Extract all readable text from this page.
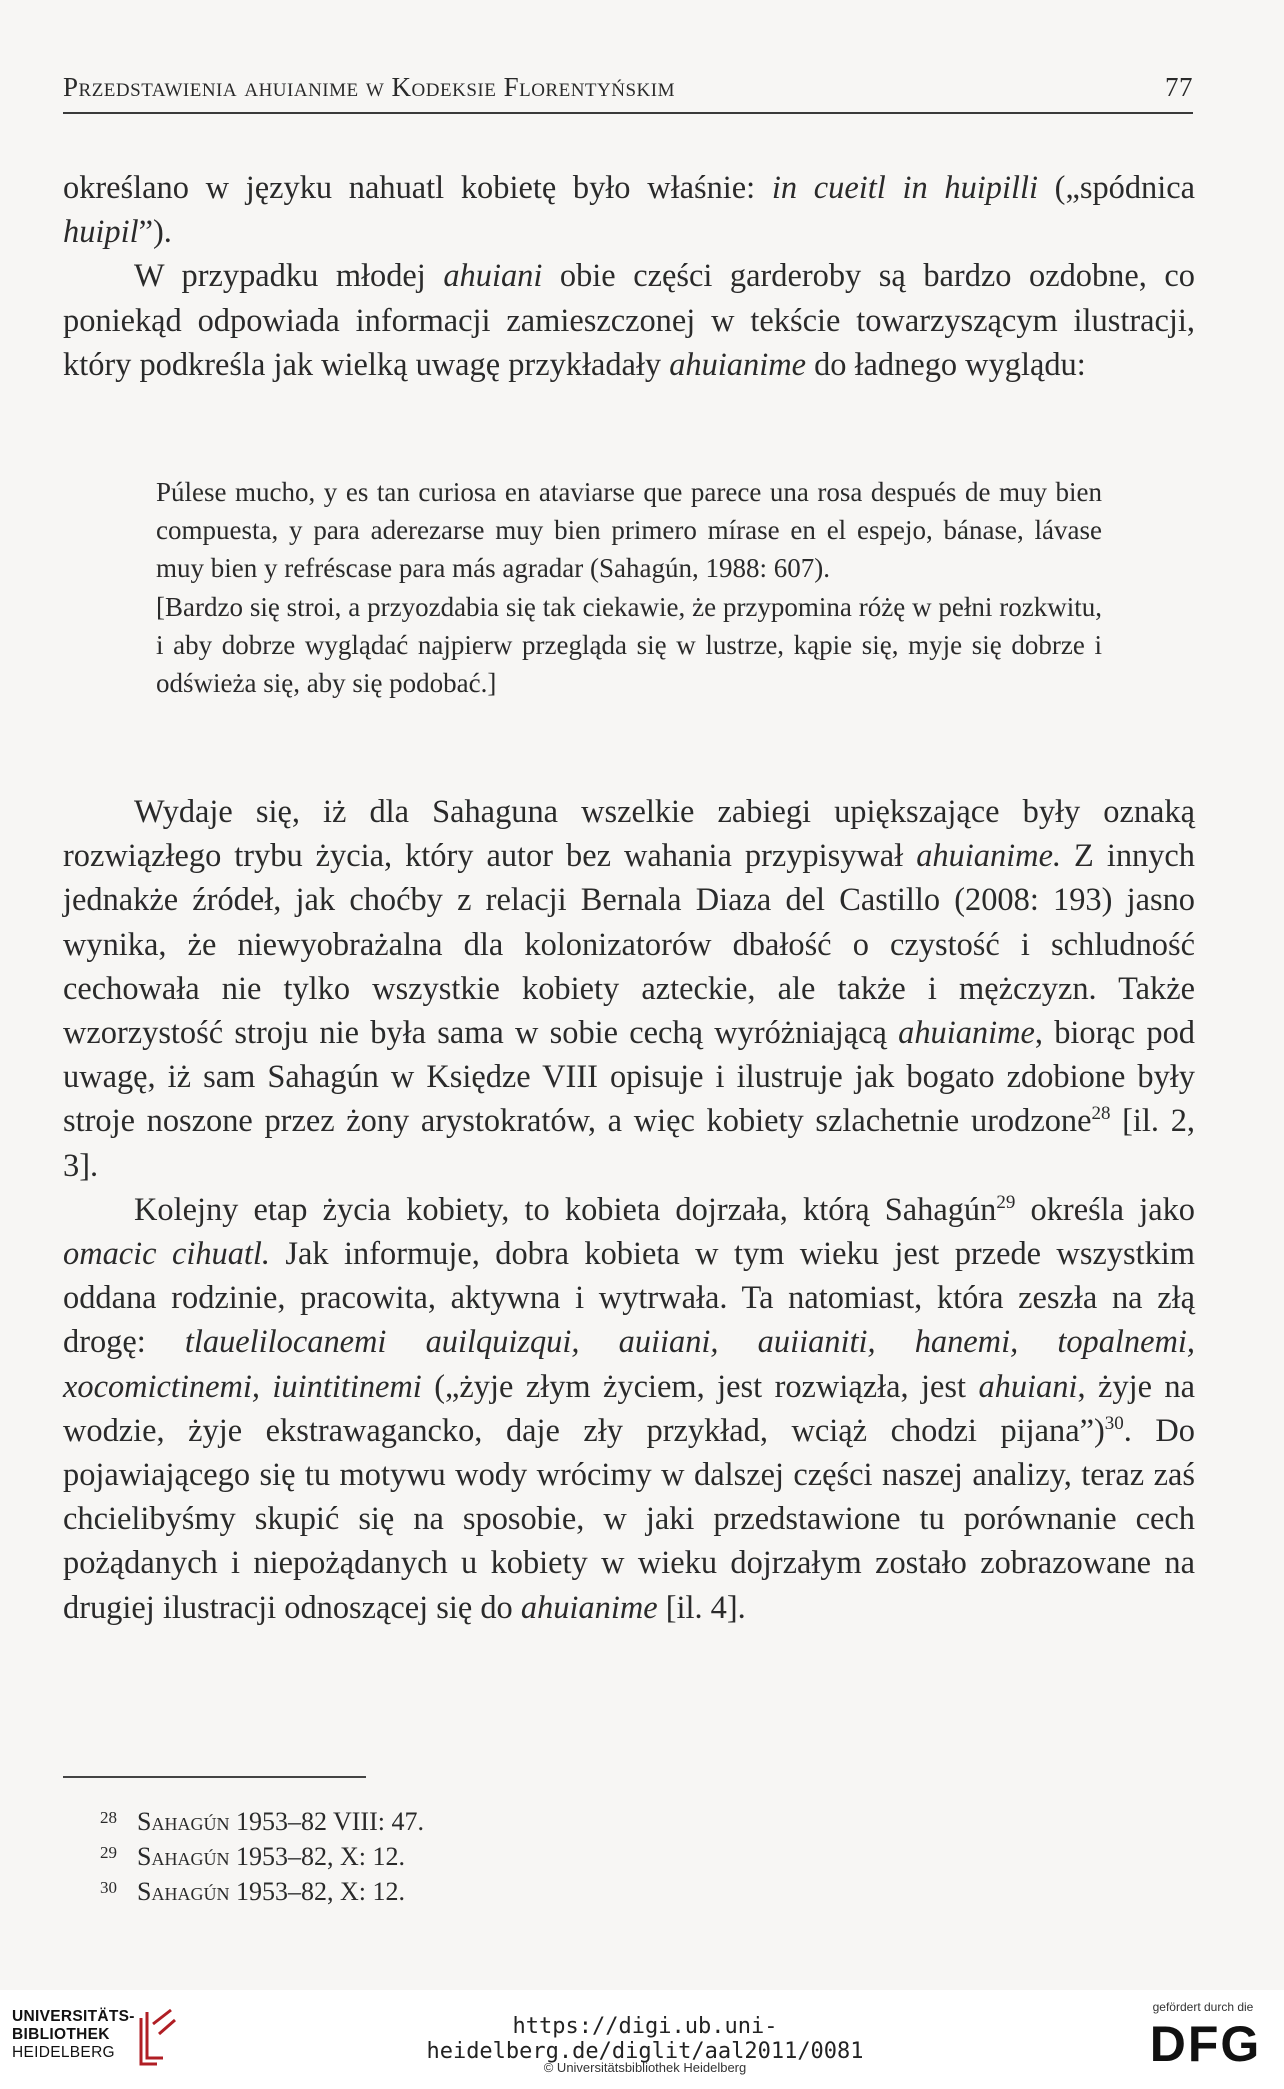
Przedstawienia ahuianime w Kodeksie Florentyńskim	77

określano w języku nahuatl kobietę było właśnie: in cueitl in huipilli („spódnica huipil”).

W przypadku młodej ahuiani obie części garderoby są bardzo ozdobne, co poniekąd odpowiada informacji zamieszczonej w tekście towarzyszącym ilustracji, który podkreśla jak wielką uwagę przykładały ahuianime do ładnego wyglądu:

Púlese mucho, y es tan curiosa en ataviarse que parece una rosa después de muy bien compuesta, y para aderezarse muy bien primero mírase en el espejo, bánase, lávase muy bien y refréscase para más agradar (Sahagún, 1988: 607).

[Bardzo się stroi, a przyozdabia się tak ciekawie, że przypomina różę w pełni rozkwitu, i aby dobrze wyglądać najpierw przegląda się w lustrze, kąpie się, myje się dobrze i odświeża się, aby się podobać.]

Wydaje się, iż dla Sahaguna wszelkie zabiegi upiększające były oznaką rozwiązłego trybu życia, który autor bez wahania przypisywał ahuianime. Z innych jednakże źródeł, jak choćby z relacji Bernala Diaza del Castillo (2008: 193) jasno wynika, że niewyobrażalna dla kolonizatorów dbałość o czystość i schludność cechowała nie tylko wszystkie kobiety azteckie, ale także i mężczyzn. Także wzorzystość stroju nie była sama w sobie cechą wyróżniającą ahuianime, biorąc pod uwagę, iż sam Sahagún w Księdze VIII opisuje i ilustruje jak bogato zdobione były stroje noszone przez żony arystokratów, a więc kobiety szlachetnie urodzone$^{28}$ [il. 2, 3].

Kolejny etap życia kobiety, to kobieta dojrzała, którą Sahagún$^{29}$ określa jako omacic cihuatl. Jak informuje, dobra kobieta w tym wieku jest przede wszystkim oddana rodzinie, pracowita, aktywna i wytrwała. Ta natomiast, która zeszła na złą drogę: tlauelilocanemi auilquizqui, auiiani, auiianiti, hanemi, topalnemi, xocomictinemi, iuintitinemi („żyje złym życiem, jest rozwiązła, jest ahuiani, żyje na wodzie, żyje ekstrawagancko, daje zły przykład, wciąż chodzi pijana”)$^{30}$. Do pojawiającego się tu motywu wody wrócimy w dalszej części naszej analizy, teraz zaś chcielibyśmy skupić się na sposobie, w jaki przedstawione tu porównanie cech pożądanych i niepożądanych u kobiety w wieku dojrzałym zostało zobrazowane na drugiej ilustracji odnoszącej się do ahuianime [il. 4].

28 Sahagún 1953–82 VIII: 47.
29 Sahagún 1953–82, X: 12.
30 Sahagún 1953–82, X: 12.
UNIVERSITÄTS-
BIBLIOTHEK
HEIDELBERG
https://digi.ub.uni-heidelberg.de/diglit/aal2011/0081
© Universitätsbibliothek Heidelberg
gefördert durch die
DFG
